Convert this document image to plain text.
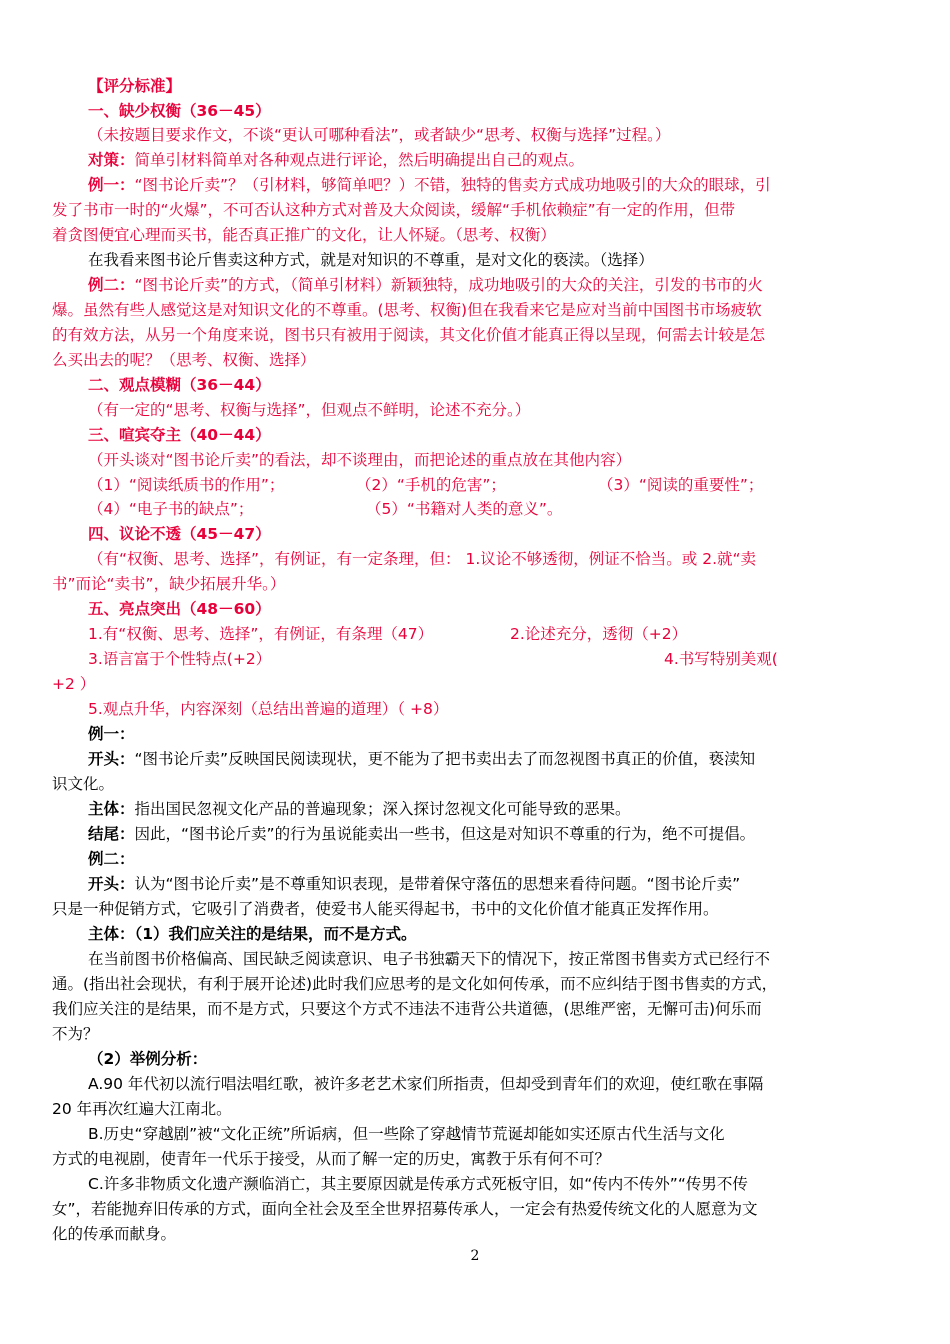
【评分标准】
一、缺少权衡（36－45）
（未按题目要求作文，不谈“更认可哪种看法”，或者缺少“思考、权衡与选择”过程。）
对策：简单引材料简单对各种观点进行评论，然后明确提出自己的观点。
例一：“图书论斤卖”？（引材料，够简单吧？）不错，独特的售卖方式成功地吸引的大众的眼球，引
发了书市一时的“火爆”，不可否认这种方式对普及大众阅读，缓解“手机依赖症”有一定的作用，但带
着贪图便宜心理而买书，能否真正推广的文化，让人怀疑。（思考、权衡）
在我看来图书论斤售卖这种方式，就是对知识的不尊重，是对文化的亵渎。（选择）
例二：“图书论斤卖”的方式，（简单引材料）新颖独特，成功地吸引的大众的关注，引发的书市的火
爆。虽然有些人感觉这是对知识文化的不尊重。(思考、权衡)但在我看来它是应对当前中国图书市场疲软
的有效方法，从另一个角度来说，图书只有被用于阅读，其文化价值才能真正得以呈现，何需去计较是怎
么买出去的呢？（思考、权衡、选择）
二、观点模糊（36－44）
（有一定的“思考、权衡与选择”，但观点不鲜明，论述不充分。）
三、喧宾夺主（40－44）
（开头谈对“图书论斤卖”的看法，却不谈理由，而把论述的重点放在其他内容）
（1）“阅读纸质书的作用”；	（2）“手机的危害”；	（3）“阅读的重要性”；
（4）“电子书的缺点”；	（5）“书籍对人类的意义”。
四、议论不透（45－47）
（有“权衡、思考、选择”，有例证，有一定条理，但： 1.议论不够透彻，例证不恰当。或 2.就“卖
书”而论“卖书”，缺少拓展升华。）
五、亮点突出（48－60）
1.有“权衡、思考、选择”，有例证，有条理（47）	2.论述充分，透彻（+2）
3.语言富于个性特点(+2）	4.书写特别美观(
+2 ）
5.观点升华，内容深刻（总结出普遍的道理）（ +8）
例一：
开头：“图书论斤卖”反映国民阅读现状，更不能为了把书卖出去了而忽视图书真正的价值，亵渎知
识文化。
主体：指出国民忽视文化产品的普遍现象；深入探讨忽视文化可能导致的恶果。
结尾：因此，“图书论斤卖”的行为虽说能卖出一些书，但这是对知识不尊重的行为，绝不可提倡。
例二：
开头：认为“图书论斤卖”是不尊重知识表现，是带着保守落伍的思想来看待问题。“图书论斤卖”
只是一种促销方式，它吸引了消费者，使爱书人能买得起书，书中的文化价值才能真正发挥作用。
主体：（1）我们应关注的是结果，而不是方式。
在当前图书价格偏高、国民缺乏阅读意识、电子书独霸天下的情况下，按正常图书售卖方式已经行不
通。(指出社会现状，有利于展开论述)此时我们应思考的是文化如何传承，而不应纠结于图书售卖的方式，
我们应关注的是结果，而不是方式，只要这个方式不违法不违背公共道德，(思维严密，无懈可击)何乐而
不为？
（2）举例分析：
A.90 年代初以流行唱法唱红歌，被许多老艺术家们所指责，但却受到青年们的欢迎，使红歌在事隔
20 年再次红遍大江南北。
B.历史“穿越剧”被“文化正统”所诟病，但一些除了穿越情节荒诞却能如实还原古代生活与文化
方式的电视剧，使青年一代乐于接受，从而了解一定的历史，寓教于乐有何不可？
C.许多非物质文化遗产濒临消亡，其主要原因就是传承方式死板守旧，如“传内不传外”“传男不传
女”，若能抛弃旧传承的方式，面向全社会及至全世界招募传承人，一定会有热爱传统文化的人愿意为文
化的传承而献身。
2
